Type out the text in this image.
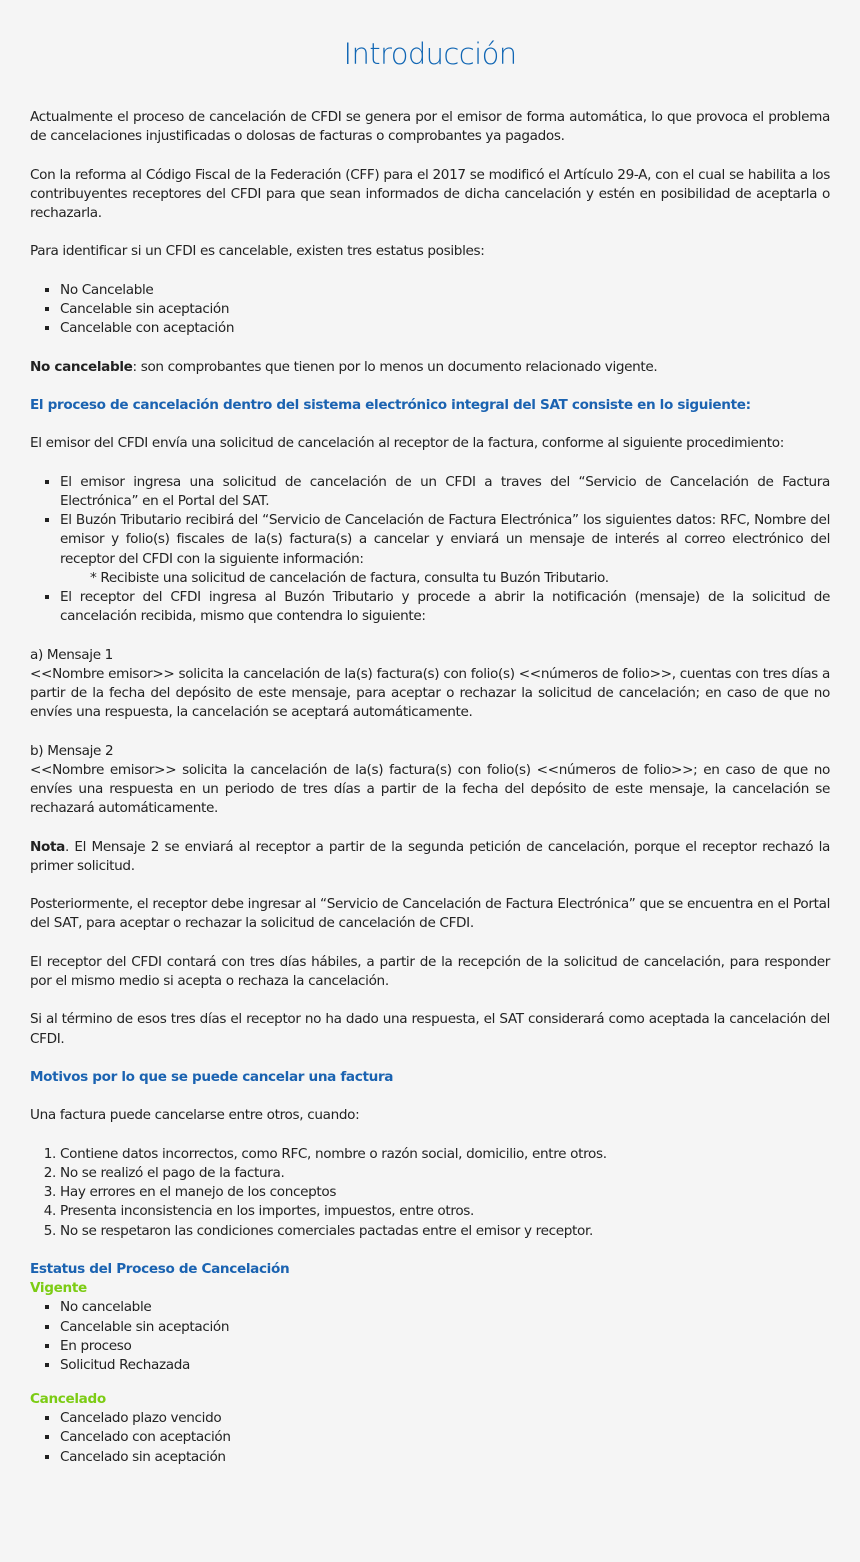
Introducción

Actualmente el proceso de cancelación de CFDI se genera por el emisor de forma automática, lo que provoca el problema de cancelaciones injustificadas o dolosas de facturas o comprobantes ya pagados.

Con la reforma al Código Fiscal de la Federación (CFF) para el 2017 se modificó el Artículo 29-A, con el cual se habilita a los contribuyentes receptores del CFDI para que sean informados de dicha cancelación y estén en posibilidad de aceptarla o rechazarla.

Para identificar si un CFDI es cancelable, existen tres estatus posibles:

▪ No Cancelable
▪ Cancelable sin aceptación
▪ Cancelable con aceptación

No cancelable: son comprobantes que tienen por lo menos un documento relacionado vigente.

El proceso de cancelación dentro del sistema electrónico integral del SAT consiste en lo siguiente:

El emisor del CFDI envía una solicitud de cancelación al receptor de la factura, conforme al siguiente procedimiento:

▪ El emisor ingresa una solicitud de cancelación de un CFDI a traves del “Servicio de Cancelación de Factura Electrónica” en el Portal del SAT.
▪ El Buzón Tributario recibirá del “Servicio de Cancelación de Factura Electrónica” los siguientes datos: RFC, Nombre del emisor y folio(s) fiscales de la(s) factura(s) a cancelar y enviará un mensaje de interés al correo electrónico del receptor del CFDI con la siguiente información:
* Recibiste una solicitud de cancelación de factura, consulta tu Buzón Tributario.
▪ El receptor del CFDI ingresa al Buzón Tributario y procede a abrir la notificación (mensaje) de la solicitud de cancelación recibida, mismo que contendra lo siguiente:

a) Mensaje 1
<<Nombre emisor>> solicita la cancelación de la(s) factura(s) con folio(s) <<números de folio>>, cuentas con tres días a partir de la fecha del depósito de este mensaje, para aceptar o rechazar la solicitud de cancelación; en caso de que no envíes una respuesta, la cancelación se aceptará automáticamente.

b) Mensaje 2
<<Nombre emisor>> solicita la cancelación de la(s) factura(s) con folio(s) <<números de folio>>; en caso de que no envíes una respuesta en un periodo de tres días a partir de la fecha del depósito de este mensaje, la cancelación se rechazará automáticamente.

Nota. El Mensaje 2 se enviará al receptor a partir de la segunda petición de cancelación, porque el receptor rechazó la primer solicitud.

Posteriormente, el receptor debe ingresar al “Servicio de Cancelación de Factura Electrónica” que se encuentra en el Portal del SAT, para aceptar o rechazar la solicitud de cancelación de CFDI.

El receptor del CFDI contará con tres días hábiles, a partir de la recepción de la solicitud de cancelación, para responder por el mismo medio si acepta o rechaza la cancelación.

Si al término de esos tres días el receptor no ha dado una respuesta, el SAT considerará como aceptada la cancelación del CFDI.

Motivos por lo que se puede cancelar una factura

Una factura puede cancelarse entre otros, cuando:

1. Contiene datos incorrectos, como RFC, nombre o razón social, domicilio, entre otros.
2. No se realizó el pago de la factura.
3. Hay errores en el manejo de los conceptos
4. Presenta inconsistencia en los importes, impuestos, entre otros.
5. No se respetaron las condiciones comerciales pactadas entre el emisor y receptor.
Estatus del Proceso de Cancelación
Vigente
▪ No cancelable
▪ Cancelable sin aceptación
▪ En proceso
▪ Solicitud Rechazada
Cancelado
▪ Cancelado plazo vencido
▪ Cancelado con aceptación
▪ Cancelado sin aceptación
